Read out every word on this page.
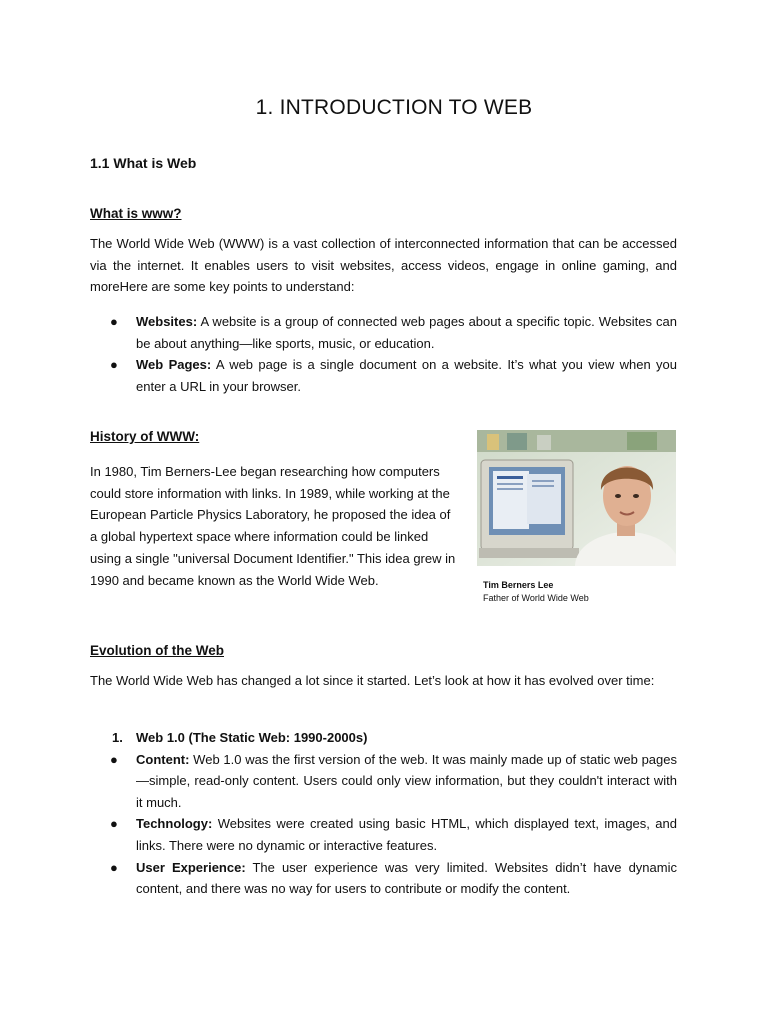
1. INTRODUCTION TO WEB
1.1 What is Web
What is www?

The World Wide Web (WWW) is a vast collection of interconnected information that can be accessed via the internet. It enables users to visit websites, access videos, engage in online gaming, and moreHere are some key points to understand:

● Websites: A website is a group of connected web pages about a specific topic. Websites can be about anything—like sports, music, or education.
● Web Pages: A web page is a single document on a website. It’s what you view when you enter a URL in your browser.
History of WWW:

In 1980, Tim Berners-Lee began researching how computers could store information with links. In 1989, while working at the European Particle Physics Laboratory, he proposed the idea of a global hypertext space where information could be linked using a single "universal Document Identifier." This idea grew in 1990 and became known as the World Wide Web.	Tim Berners Lee

Father of World Wide Web

Evolution of the Web

The World Wide Web has changed a lot since it started. Let’s look at how it has evolved over time:

1. Web 1.0 (The Static Web: 1990-2000s)
● Content: Web 1.0 was the first version of the web. It was mainly made up of static web pages—simple, read-only content. Users could only view information, but they couldn't interact with it much.
● Technology: Websites were created using basic HTML, which displayed text, images, and links. There were no dynamic or interactive features.
● User Experience: The user experience was very limited. Websites didn’t have dynamic content, and there was no way for users to contribute or modify the content.
